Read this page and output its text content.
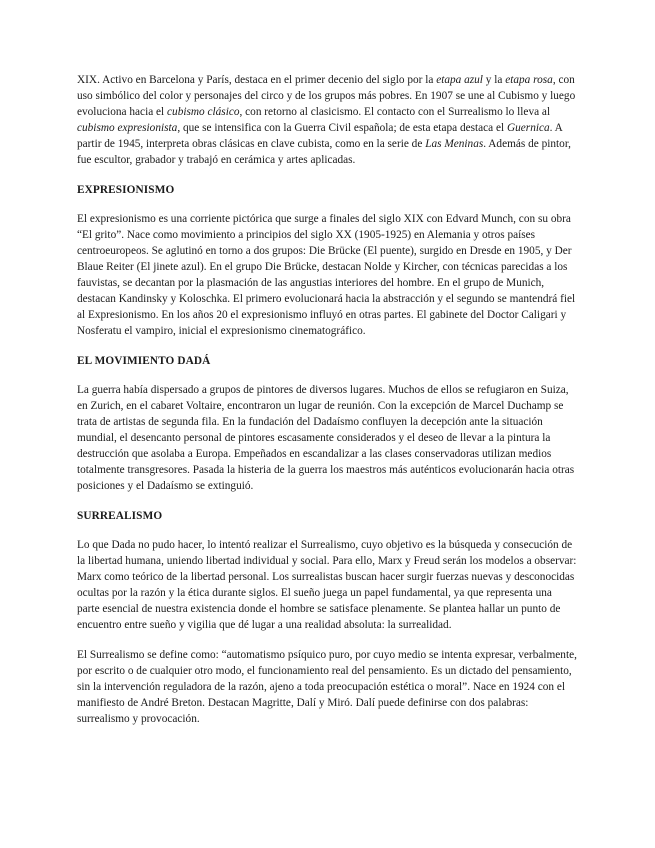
XIX. Activo en Barcelona y París, destaca en el primer decenio del siglo por la etapa azul y la etapa rosa, con uso simbólico del color y personajes del circo y de los grupos más pobres. En 1907 se une al Cubismo y luego evoluciona hacia el cubismo clásico, con retorno al clasicismo. El contacto con el Surrealismo lo lleva al cubismo expresionista, que se intensifica con la Guerra Civil española; de esta etapa destaca el Guernica. A partir de 1945, interpreta obras clásicas en clave cubista, como en la serie de Las Meninas. Además de pintor, fue escultor, grabador y trabajó en cerámica y artes aplicadas.

EXPRESIONISMO

El expresionismo es una corriente pictórica que surge a finales del siglo XIX con Edvard Munch, con su obra “El grito”. Nace como movimiento a principios del siglo XX (1905-1925) en Alemania y otros países centroeuropeos. Se aglutinó en torno a dos grupos: Die Brücke (El puente), surgido en Dresde en 1905, y Der Blaue Reiter (El jinete azul). En el grupo Die Brücke, destacan Nolde y Kircher, con técnicas parecidas a los fauvistas, se decantan por la plasmación de las angustias interiores del hombre. En el grupo de Munich, destacan Kandinsky y Koloschka. El primero evolucionará hacia la abstracción y el segundo se mantendrá fiel al Expresionismo. En los años 20 el expresionismo influyó en otras partes. El gabinete del Doctor Caligari y Nosferatu el vampiro, inicial el expresionismo cinematográfico.

EL MOVIMIENTO DADÁ

La guerra había dispersado a grupos de pintores de diversos lugares. Muchos de ellos se refugiaron en Suiza, en Zurich, en el cabaret Voltaire, encontraron un lugar de reunión. Con la excepción de Marcel Duchamp se trata de artistas de segunda fila. En la fundación del Dadaísmo confluyen la decepción ante la situación mundial, el desencanto personal de pintores escasamente considerados y el deseo de llevar a la pintura la destrucción que asolaba a Europa. Empeñados en escandalizar a las clases conservadoras utilizan medios totalmente transgresores. Pasada la histeria de la guerra los maestros más auténticos evolucionarán hacia otras posiciones y el Dadaísmo se extinguió.

SURREALISMO

Lo que Dada no pudo hacer, lo intentó realizar el Surrealismo, cuyo objetivo es la búsqueda y consecución de la libertad humana, uniendo libertad individual y social. Para ello, Marx y Freud serán los modelos a observar: Marx como teórico de la libertad personal. Los surrealistas buscan hacer surgir fuerzas nuevas y desconocidas ocultas por la razón y la ética durante siglos. El sueño juega un papel fundamental, ya que representa una parte esencial de nuestra existencia donde el hombre se satisface plenamente. Se plantea hallar un punto de encuentro entre sueño y vigilia que dé lugar a una realidad absoluta: la surrealidad.

El Surrealismo se define como: “automatismo psíquico puro, por cuyo medio se intenta expresar, verbalmente, por escrito o de cualquier otro modo, el funcionamiento real del pensamiento. Es un dictado del pensamiento, sin la intervención reguladora de la razón, ajeno a toda preocupación estética o moral”. Nace en 1924 con el manifiesto de André Breton. Destacan Magritte, Dalí y Miró. Dalí puede definirse con dos palabras: surrealismo y provocación.
